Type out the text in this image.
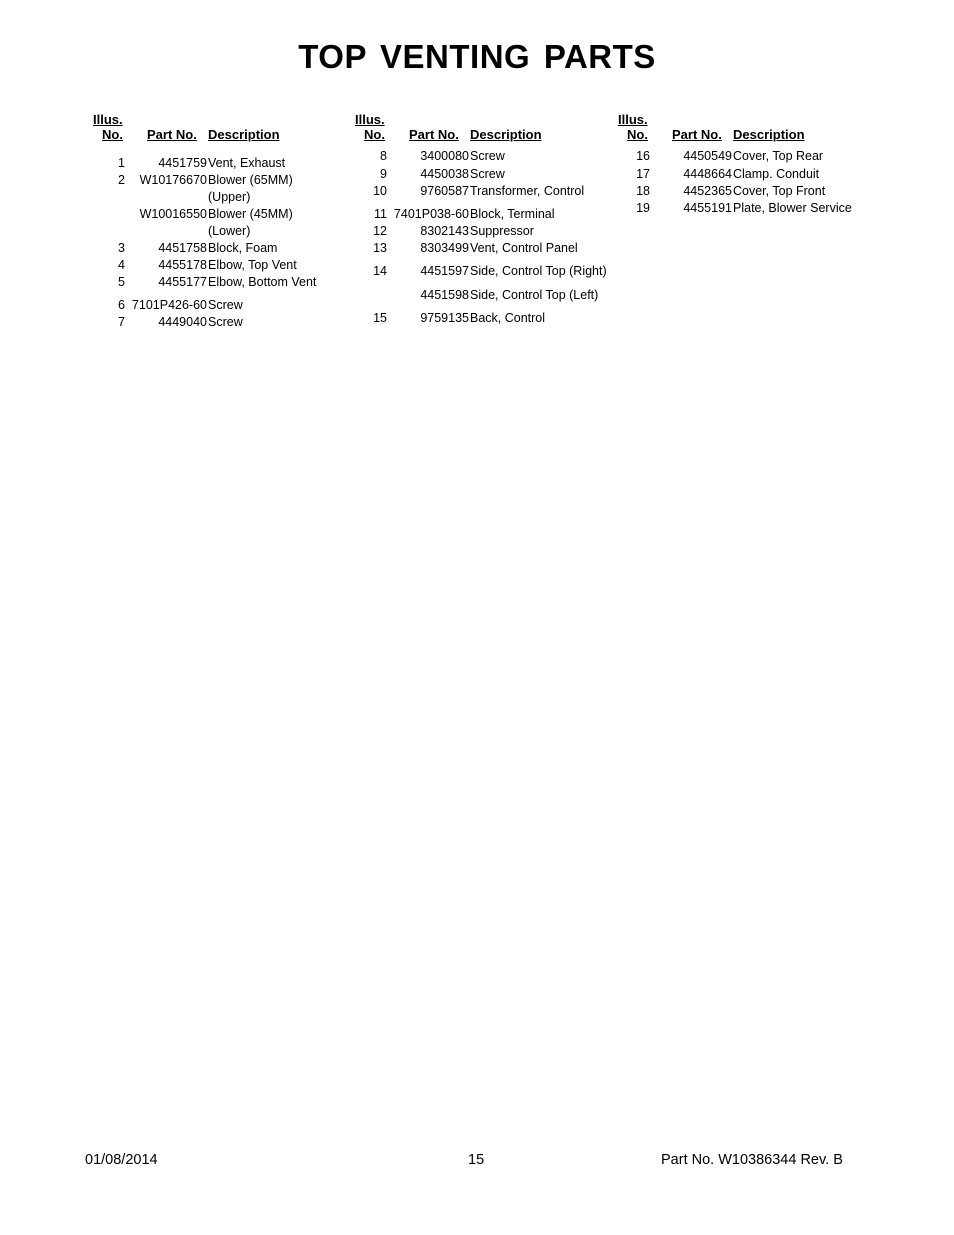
TOP VENTING PARTS
Illus.
No. Part No. Description
1	4451759 Vent, Exhaust
2	W10176670 Blower (65MM)
(Upper)
W10016550 Blower (45MM)
(Lower)
3	4451758 Block, Foam
4	4455178 Elbow, Top Vent
5	4455177 Elbow, Bottom Vent
6 7101P426-60 Screw
7	4449040 Screw
Illus.
No. Part No. Description
8	3400080 Screw
9	4450038 Screw
10	9760587 Transformer, Control
11 7401P038-60 Block, Terminal
12	8302143 Suppressor
13	8303499 Vent, Control Panel
14	4451597 Side, Control Top (Right)
4451598 Side, Control Top (Left)
15	9759135 Back, Control
Illus.
No. Part No. Description
16	4450549 Cover, Top Rear
17	4448664 Clamp. Conduit
18	4452365 Cover, Top Front
19	4455191 Plate, Blower Service
01/08/2014	15	Part No. W10386344 Rev. B
